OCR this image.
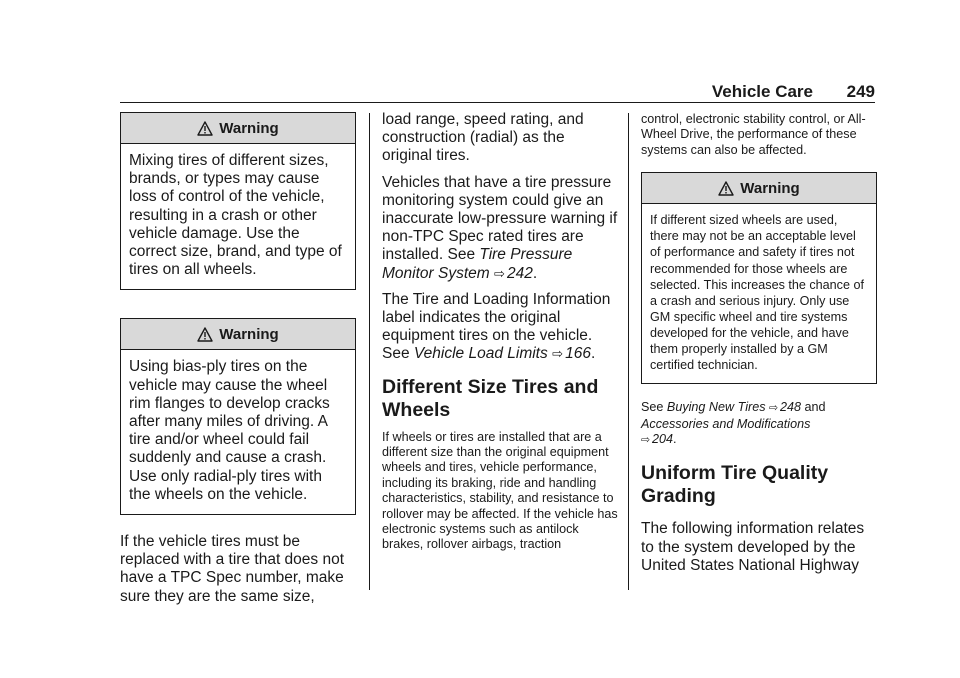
Vehicle Care 249
Warning
Mixing tires of different sizes, brands, or types may cause loss of control of the vehicle, resulting in a crash or other vehicle damage. Use the correct size, brand, and type of tires on all wheels.
Warning
Using bias-ply tires on the vehicle may cause the wheel rim flanges to develop cracks after many miles of driving. A tire and/or wheel could fail suddenly and cause a crash. Use only radial-ply tires with the wheels on the vehicle.

If the vehicle tires must be replaced with a tire that does not have a TPC Spec number, make sure they are the same size,

load range, speed rating, and construction (radial) as the original tires.

Vehicles that have a tire pressure monitoring system could give an inaccurate low-pressure warning if non-TPC Spec rated tires are installed. See Tire Pressure Monitor System ⇨ 242.

The Tire and Loading Information label indicates the original equipment tires on the vehicle. See Vehicle Load Limits ⇨ 166.

Different Size Tires and Wheels

If wheels or tires are installed that are a different size than the original equipment wheels and tires, vehicle performance, including its braking, ride and handling characteristics, stability, and resistance to rollover may be affected. If the vehicle has electronic systems such as antilock brakes, rollover airbags, traction

control, electronic stability control, or All-Wheel Drive, the performance of these systems can also be affected.

Warning
If different sized wheels are used, there may not be an acceptable level of performance and safety if tires not recommended for those wheels are selected. This increases the chance of a crash and serious injury. Only use GM specific wheel and tire systems developed for the vehicle, and have them properly installed by a GM certified technician.

See Buying New Tires ⇨ 248 and Accessories and Modifications
⇨ 204.

Uniform Tire Quality Grading

The following information relates to the system developed by the United States National Highway
